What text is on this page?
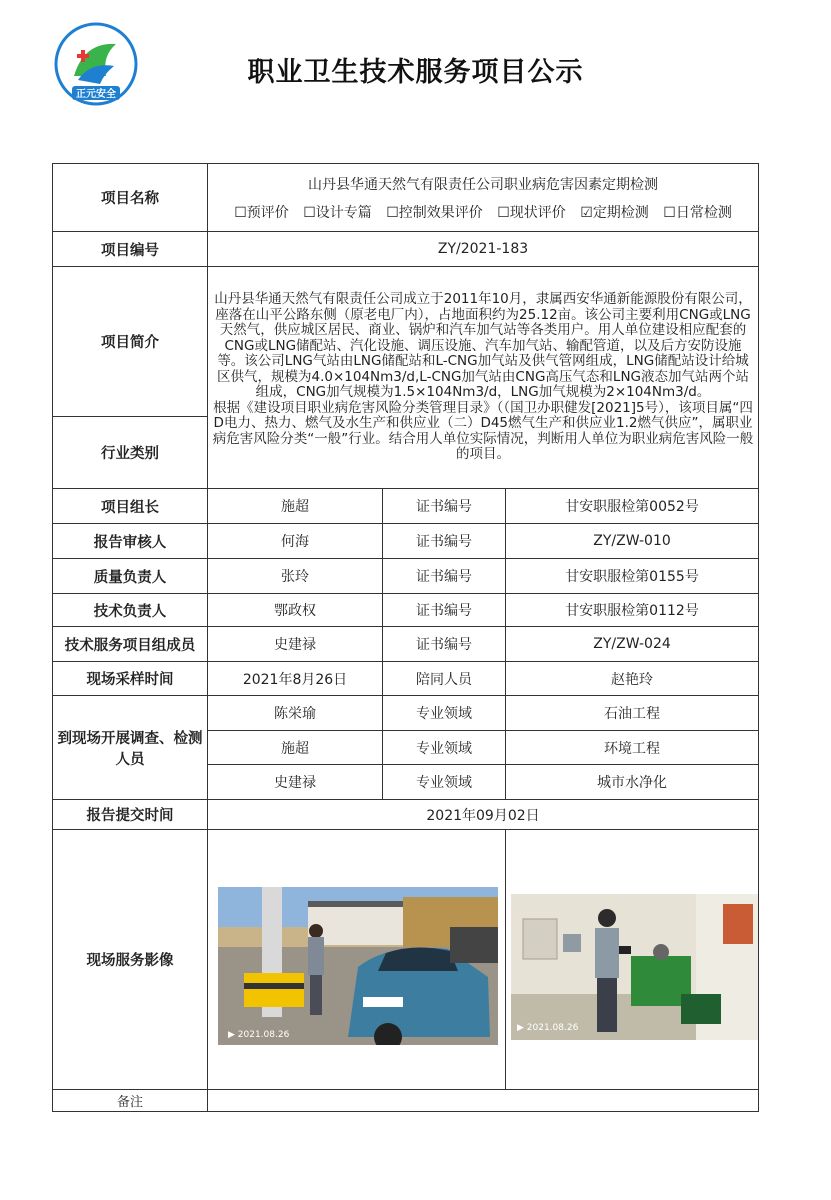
正元安全
职业卫生技术服务项目公示
项目名称	山丹县华通天然气有限责任公司职业病危害因素定期检测
☐预评价 ☐设计专篇 ☐控制效果评价 ☐现状评价 ☑定期检测 ☐日常检测		

项目编号	ZY/2021-183		
项目简介	山丹县华通天然气有限责任公司成立于2011年10月，隶属西安华通新能源股份有限公司，座落在山平公路东侧（原老电厂内），占地面积约为25.12亩。该公司主要利用CNG或LNG天然气，供应城区居民、商业、锅炉和汽车加气站等各类用户。用人单位建设相应配套的CNG或LNG储配站、汽化设施、调压设施、汽车加气站、输配管道，以及后方安防设施等。该公司LNG气站由LNG储配站和L-CNG加气站及供气管网组成，LNG储配站设计给城区供气，规模为4.0×104Nm3/d,L-CNG加气站由CNG高压气态和LNG液态加气站两个站组成，CNG加气规模为1.5×104Nm3/d，LNG加气规模为2×104Nm3/d。
根据《建设项目职业病危害风险分类管理目录》（（国卫办职健发[2021]5号），该项目属“四D电力、热力、燃气及水生产和供应业（二）D45燃气生产和供应业1.2燃气供应”，属职业病危害风险分类“一般”行业。结合用人单位实际情况，判断用人单位为职业病危害风险一般的项目。		

行业类别			
项目组长	施超	证书编号	甘安职服检第0052号
报告审核人	何海	证书编号	ZY/ZW-010
质量负责人	张玲	证书编号	甘安职服检第0155号
技术负责人	鄂政权	证书编号	甘安职服检第0112号
技术服务项目组成员	史建禄	证书编号	ZY/ZW-024
现场采样时间	2021年8月26日	陪同人员	赵艳玲
到现场开展调查、检测人员	陈栄瑜	专业领域	石油工程
	施超	专业领域	环境工程
	史建禄	专业领域	城市水净化
报告提交时间	2021年09月02日		
现场服务影像			
备注			
▶ 2021.08.26
▶ 2021.08.26
